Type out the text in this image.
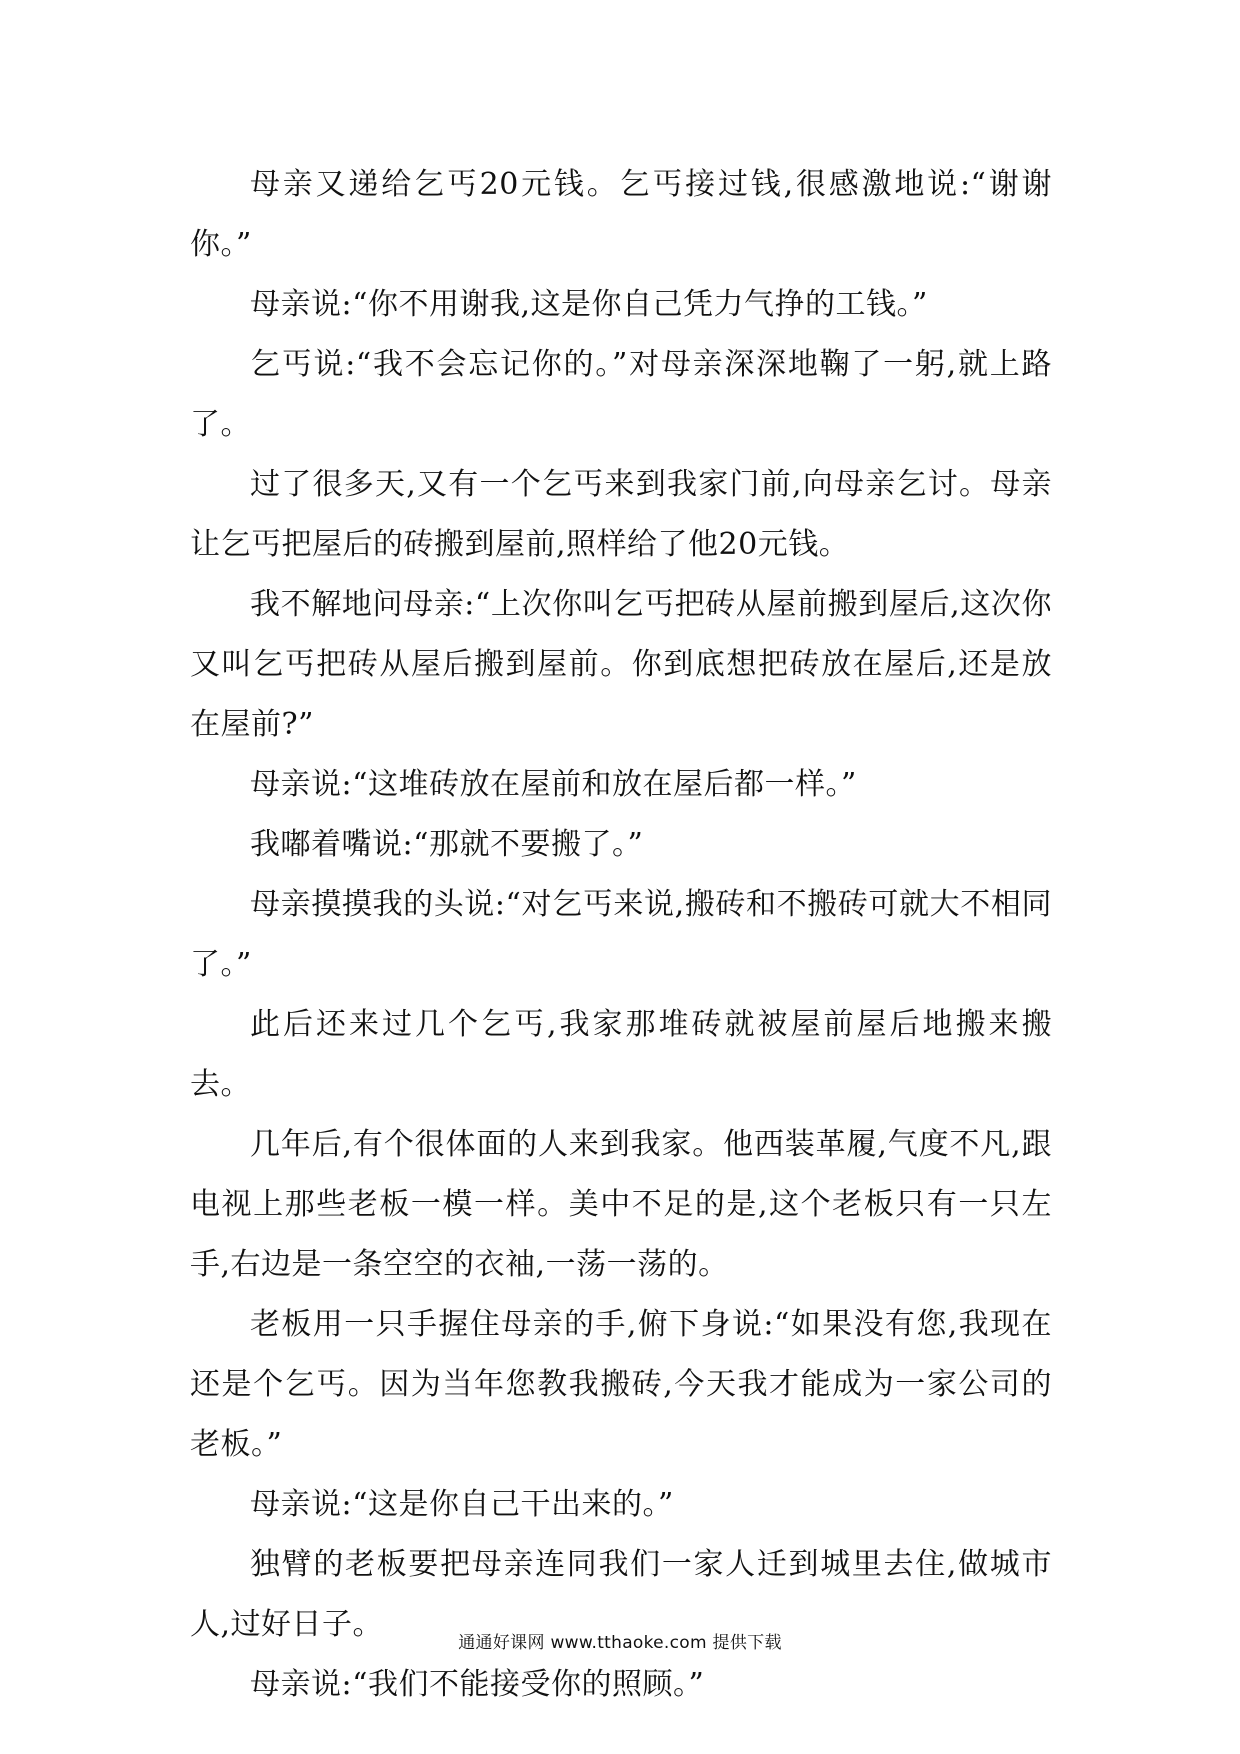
母亲又递给乞丐20元钱。乞丐接过钱,很感激地说:“谢谢你。”

母亲说:“你不用谢我,这是你自己凭力气挣的工钱。”

乞丐说:“我不会忘记你的。”对母亲深深地鞠了一躬,就上路了。

过了很多天,又有一个乞丐来到我家门前,向母亲乞讨。母亲让乞丐把屋后的砖搬到屋前,照样给了他20元钱。

我不解地问母亲:“上次你叫乞丐把砖从屋前搬到屋后,这次你又叫乞丐把砖从屋后搬到屋前。你到底想把砖放在屋后,还是放在屋前?”

母亲说:“这堆砖放在屋前和放在屋后都一样。”

我嘟着嘴说:“那就不要搬了。”

母亲摸摸我的头说:“对乞丐来说,搬砖和不搬砖可就大不相同了。”

此后还来过几个乞丐,我家那堆砖就被屋前屋后地搬来搬去。

几年后,有个很体面的人来到我家。他西装革履,气度不凡,跟电视上那些老板一模一样。美中不足的是,这个老板只有一只左手,右边是一条空空的衣袖,一荡一荡的。

老板用一只手握住母亲的手,俯下身说:“如果没有您,我现在还是个乞丐。因为当年您教我搬砖,今天我才能成为一家公司的老板。”

母亲说:“这是你自己干出来的。”

独臂的老板要把母亲连同我们一家人迁到城里去住,做城市人,过好日子。

母亲说:“我们不能接受你的照顾。”

通通好课网 www.tthaoke.com 提供下载
